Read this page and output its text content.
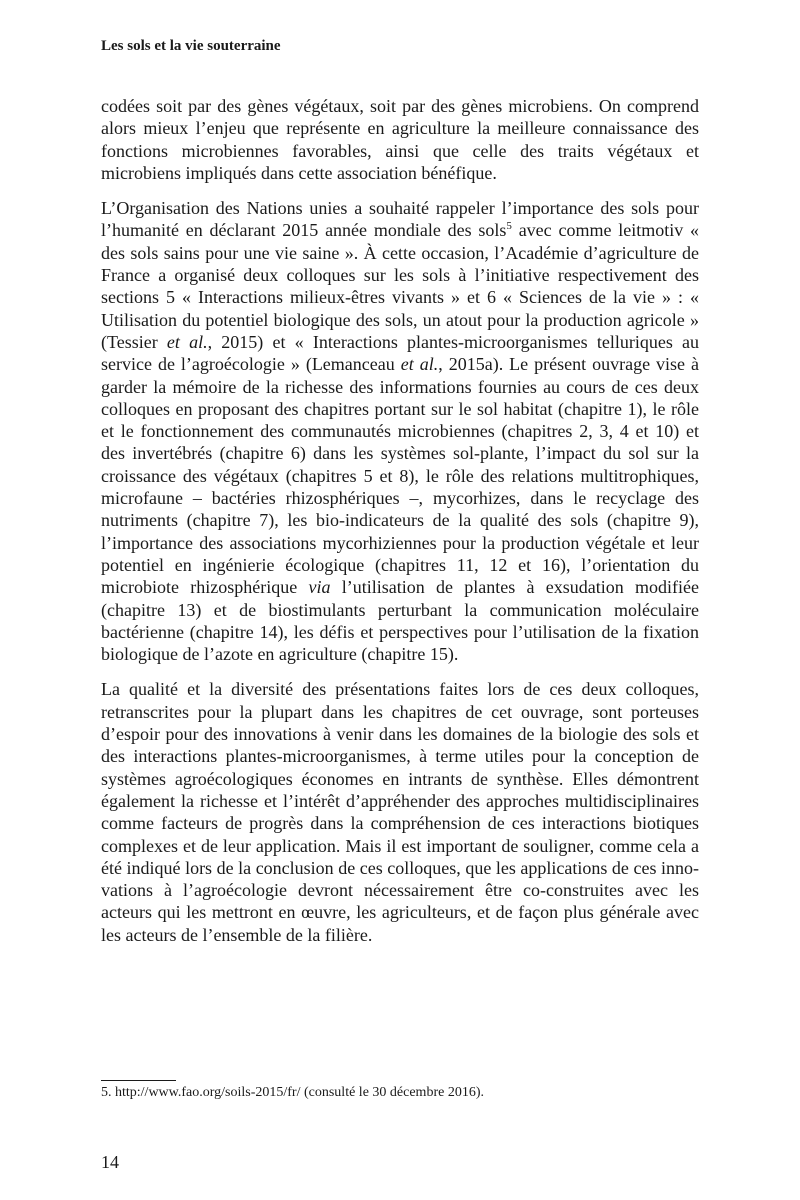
Les sols et la vie souterraine

codées soit par des gènes végétaux, soit par des gènes microbiens. On comprend alors mieux l’enjeu que représente en agriculture la meilleure connaissance des fonctions microbiennes favorables, ainsi que celle des traits végétaux et microbiens impliqués dans cette association bénéfique.

L’Organisation des Nations unies a souhaité rappeler l’importance des sols pour l’humanité en déclarant 2015 année mondiale des sols$^5$ avec comme leitmotiv « des sols sains pour une vie saine ». À cette occasion, l’Académie d’agriculture de France a organisé deux colloques sur les sols à l’initiative respectivement des sections 5 « Interactions milieux-êtres vivants » et 6 « Sciences de la vie » : « Utilisation du potentiel biologique des sols, un atout pour la production agricole » (Tessier et al., 2015) et « Interactions plantes-microorganismes telluriques au service de l’agroécologie » (Lemanceau et al., 2015a). Le présent ouvrage vise à garder la mémoire de la richesse des informations fournies au cours de ces deux colloques en proposant des chapitres portant sur le sol habitat (chapitre 1), le rôle et le fonctionnement des communautés microbiennes (chapitres 2, 3, 4 et 10) et des invertébrés (chapitre 6) dans les systèmes sol-plante, l’impact du sol sur la croissance des végétaux (chapitres 5 et 8), le rôle des relations multitrophiques, microfaune – bactéries rhizosphériques –, mycorhizes, dans le recyclage des nutriments (chapitre 7), les bio-indicateurs de la qualité des sols (chapitre 9), l’importance des associations mycorhiziennes pour la production végétale et leur potentiel en ingénierie écologique (chapitres 11, 12 et 16), l’orientation du microbiote rhizosphérique via l’utilisation de plantes à exsudation modifiée (chapitre 13) et de biostimulants perturbant la communication moléculaire bactérienne (chapitre 14), les défis et perspectives pour l’utilisation de la fixation biologique de l’azote en agriculture (chapitre 15).

La qualité et la diversité des présentations faites lors de ces deux colloques, retranscrites pour la plupart dans les chapitres de cet ouvrage, sont porteuses d’espoir pour des innovations à venir dans les domaines de la biologie des sols et des interactions plantes-microorganismes, à terme utiles pour la conception de systèmes agroécologiques économes en intrants de synthèse. Elles démontrent également la richesse et l’intérêt d’appréhender des approches multidisciplinaires comme facteurs de progrès dans la compréhension de ces interactions biotiques complexes et de leur application. Mais il est important de souligner, comme cela a été indiqué lors de la conclusion de ces colloques, que les applications de ces innovations à l’agroécologie devront nécessairement être co-construites avec les acteurs qui les mettront en œuvre, les agriculteurs, et de façon plus générale avec les acteurs de l’ensemble de la filière.

5. http://www.fao.org/soils-2015/fr/ (consulté le 30 décembre 2016).
14
